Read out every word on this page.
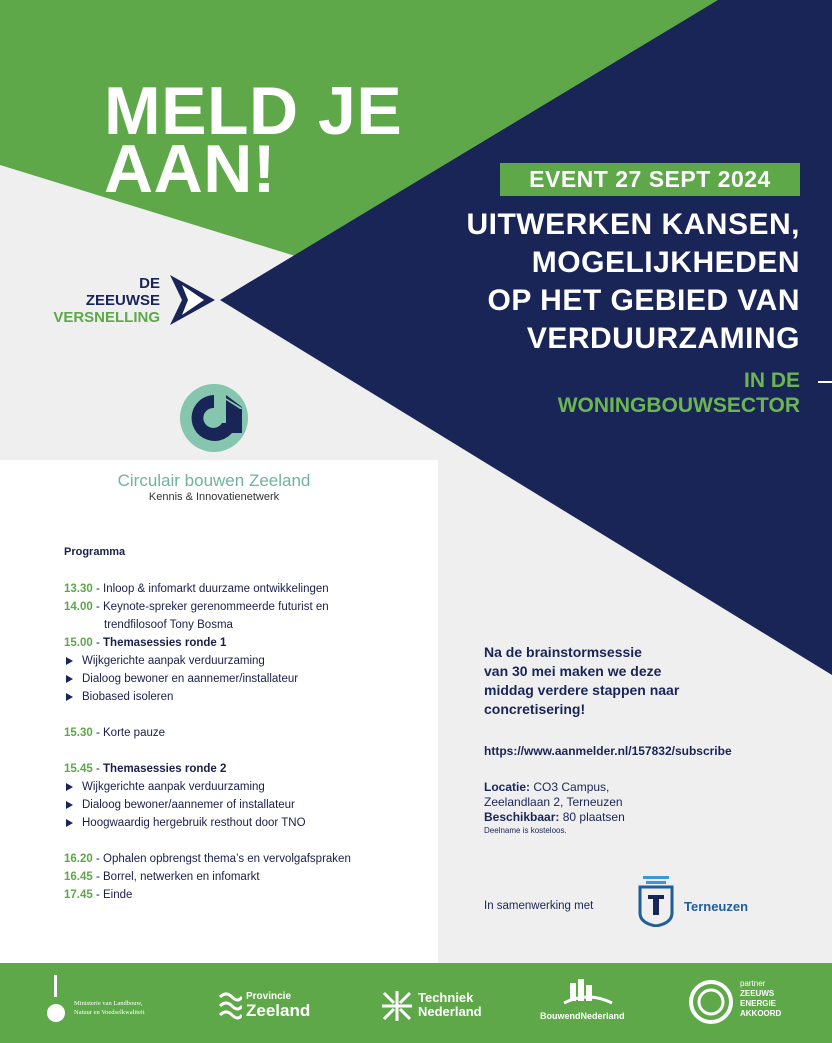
MELD JE
AAN!	EVENT 27 SEPT 2024
UITWERKEN KANSEN,
MOGELIJKHEDEN
OP HET GEBIED VAN
VERDUURZAMING
IN DE
WONINGBOUWSECTOR
DE
ZEEUWSE
VERSNELLING
Circulair bouwen Zeeland
Kennis & Innovatienetwerk
Programma
13.30 - Inloop & infomarkt duurzame ontwikkelingen
14.00 - Keynote-spreker gerenommeerde futurist en
trendfilosoof Tony Bosma
15.00 - Themasessies ronde 1
Wijkgerichte aanpak verduurzaming
Dialoog bewoner en aannemer/installateur
Biobased isoleren
15.30 - Korte pauze
15.45 - Themasessies ronde 2
Wijkgerichte aanpak verduurzaming
Dialoog bewoner/aannemer of installateur
Hoogwaardig hergebruik resthout door TNO
16.20 - Ophalen opbrengst thema’s en vervolgafspraken
16.45 - Borrel, netwerken en infomarkt
17.45 - Einde
Na de brainstormsessie
van 30 mei maken we deze
middag verdere stappen naar
concretisering!
https://www.aanmelder.nl/157832/subscribe
Locatie: CO3 Campus,
Zeelandlaan 2, Terneuzen
Beschikbaar: 80 plaatsen
Deelname is kosteloos.
In samenwerking met	Terneuzen
Ministerie van Landbouw,
Natuur en Voedselkwaliteit
Provincie
Zeeland
Techniek
Nederland	BouwendNederland
partner
ZEEUWS
ENERGIE
AKKOORD
